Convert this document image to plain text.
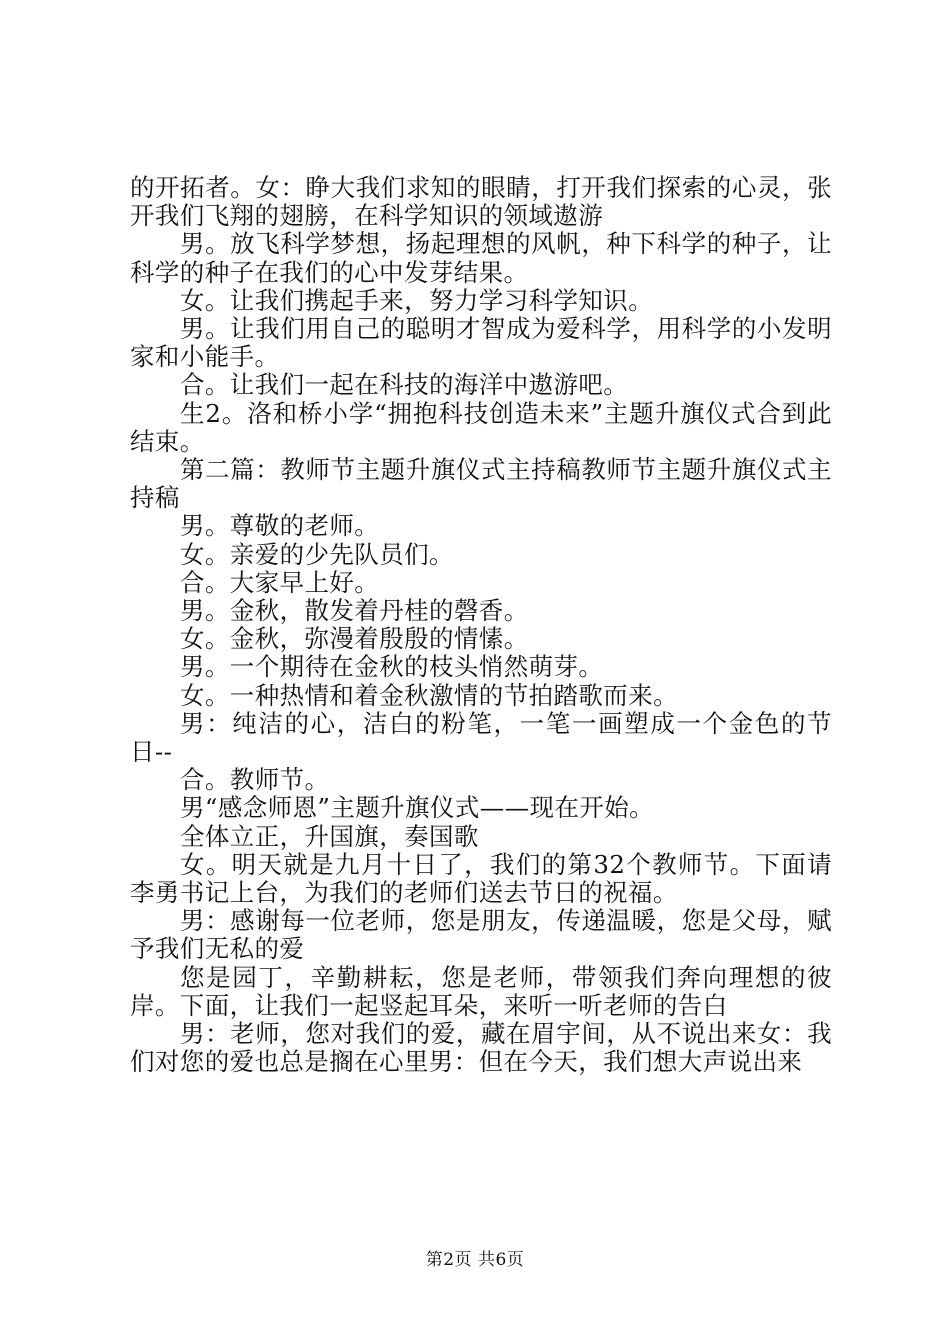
的开拓者。女：睁大我们求知的眼睛，打开我们探索的心灵，张开我们飞翔的翅膀，在科学知识的领域遨游

男。放飞科学梦想，扬起理想的风帆，种下科学的种子，让科学的种子在我们的心中发芽结果。

女。让我们携起手来，努力学习科学知识。

男。让我们用自己的聪明才智成为爱科学，用科学的小发明家和小能手。

合。让我们一起在科技的海洋中遨游吧。

生2。洛和桥小学“拥抱科技创造未来”主题升旗仪式合到此结束。

第二篇：教师节主题升旗仪式主持稿教师节主题升旗仪式主持稿

男。尊敬的老师。

女。亲爱的少先队员们。

合。大家早上好。

男。金秋，散发着丹桂的磬香。

女。金秋，弥漫着殷殷的情愫。

男。一个期待在金秋的枝头悄然萌芽。

女。一种热情和着金秋激情的节拍踏歌而来。

男：纯洁的心，洁白的粉笔，一笔一画塑成一个金色的节日--

合。教师节。

男“感念师恩”主题升旗仪式——现在开始。

全体立正，升国旗，奏国歌

女。明天就是九月十日了，我们的第32个教师节。下面请李勇书记上台，为我们的老师们送去节日的祝福。

男：感谢每一位老师，您是朋友，传递温暖，您是父母，赋予我们无私的爱

您是园丁，辛勤耕耘，您是老师，带领我们奔向理想的彼岸。下面，让我们一起竖起耳朵，来听一听老师的告白

男：老师，您对我们的爱，藏在眉宇间，从不说出来女：我们对您的爱也总是搁在心里男：但在今天，我们想大声说出来

第2页 共6页
